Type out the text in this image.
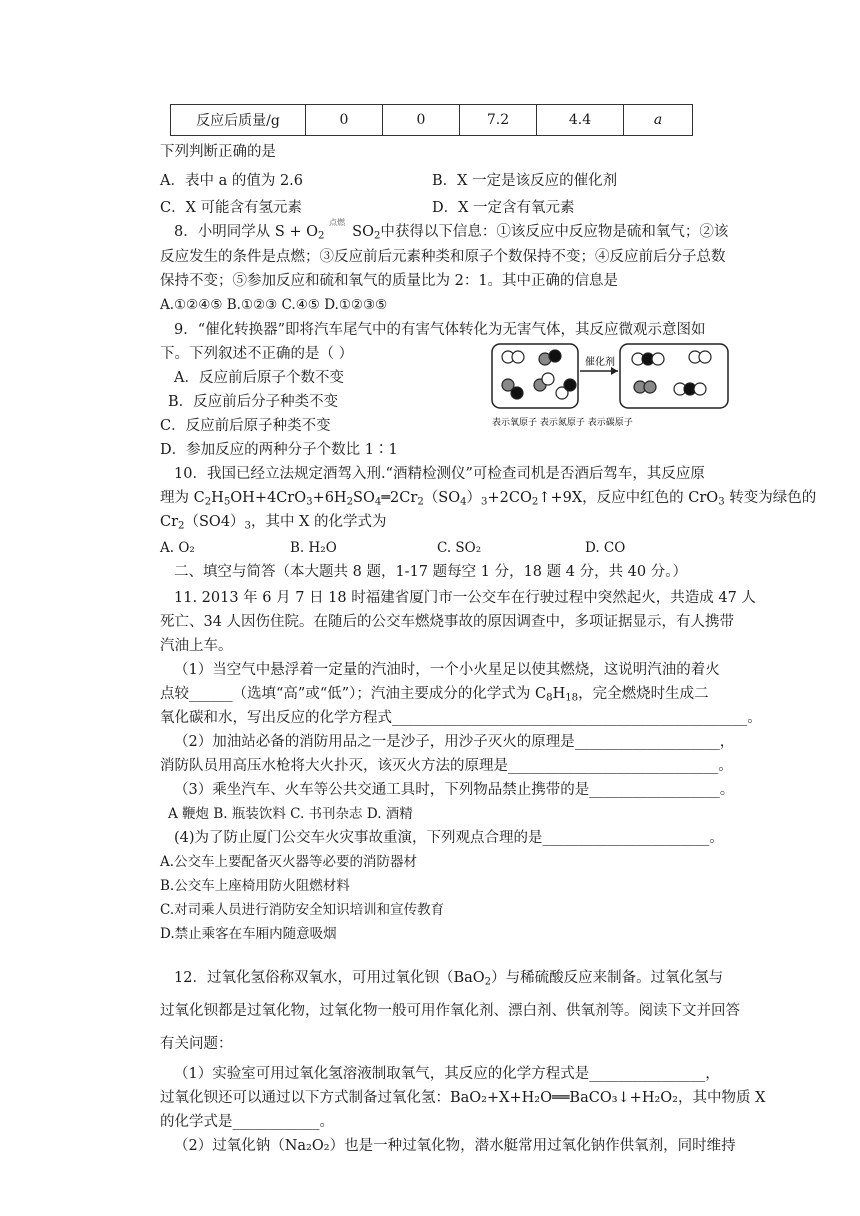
反应后质量/g	0	0	7.2	4.4	a
下列判断正确的是
A．表中 a 的值为 2.6	B．X 一定是该反应的催化剂
C．X 可能含有氢元素	D．X 一定含有氧元素
8．小明同学从 $S + O_2$
点燃
$SO_2$中获得以下信息：①该反应中反应物是硫和氧气；②该
反应发生的条件是点燃；③反应前后元素种类和原子个数保持不变；④反应前后分子总数
保持不变；⑤参加反应和硫和氧气的质量比为 2：1。其中正确的信息是
A.①②④⑤ B.①②③ C.④⑤ D.①②③⑤
9．“催化转换器”即将汽车尾气中的有害气体转化为无害气体，其反应微观示意图如
下。下列叙述不正确的是（ ）
A．反应前后原子个数不变
B．反应前后分子种类不变
C．反应前后原子种类不变
D．参加反应的两种分子个数比 1∶1
催化剂
表示氧原子 表示氮原子 表示碳原子
10．我国已经立法规定酒驾入刑.“酒精检测仪”可检查司机是否酒后驾车，其反应原
理为 $C_2H_5OH+4CrO_3+6H_2SO_4═2Cr_2(SO_4)_3+2CO_2↑+9X$，反应中红色的 CrO$_3$ 转变为绿色的
$Cr_2(SO4)_3$，其中 X 的化学式为
A. O₂	B. H₂O	C. SO₂	D. CO
二、填空与简答（本大题共 8 题，1-17 题每空 1 分，18 题 4 分，共 40 分。）
11. 2013 年 6 月 7 日 18 时福建省厦门市一公交车在行驶过程中突然起火，共造成 47 人
死亡、34 人因伤住院。在随后的公交车燃烧事故的原因调查中，多项证据显示，有人携带
汽油上车。
（1）当空气中悬浮着一定量的汽油时，一个小火星足以使其燃烧，这说明汽油的着火
点较______（选填“高”或“低”）；汽油主要成分的化学式为 $C_8H_{18}$，完全燃烧时生成二
氧化碳和水，写出反应的化学方程式_________________________________________________。
（2）加油站必备的消防用品之一是沙子，用沙子灭火的原理是____________________，
消防队员用高压水枪将大火扑灭，该灭火方法的原理是_____________________________。
（3）乘坐汽车、火车等公共交通工具时，下列物品禁止携带的是__________________。
A 鞭炮 B. 瓶装饮料 C. 书刊杂志 D. 酒精
(4)为了防止厦门公交车火灾事故重演，下列观点合理的是_______________________。
A.公交车上要配备灭火器等必要的消防器材
B.公交车上座椅用防火阻燃材料
C.对司乘人员进行消防安全知识培训和宣传教育
D.禁止乘客在车厢内随意吸烟
12．过氧化氢俗称双氧水，可用过氧化钡（BaO$_2$）与稀硫酸反应来制备。过氧化氢与
过氧化钡都是过氧化物，过氧化物一般可用作氧化剂、漂白剂、供氧剂等。阅读下文并回答
有关问题：
（1）实验室可用过氧化氢溶液制取氧气，其反应的化学方程式是________________，
过氧化钡还可以通过以下方式制备过氧化氢：BaO₂+X+H₂O══BaCO₃↓+H₂O₂，其中物质 X
的化学式是____________。
（2）过氧化钠（Na₂O₂）也是一种过氧化物，潜水艇常用过氧化钠作供氧剂，同时维持
